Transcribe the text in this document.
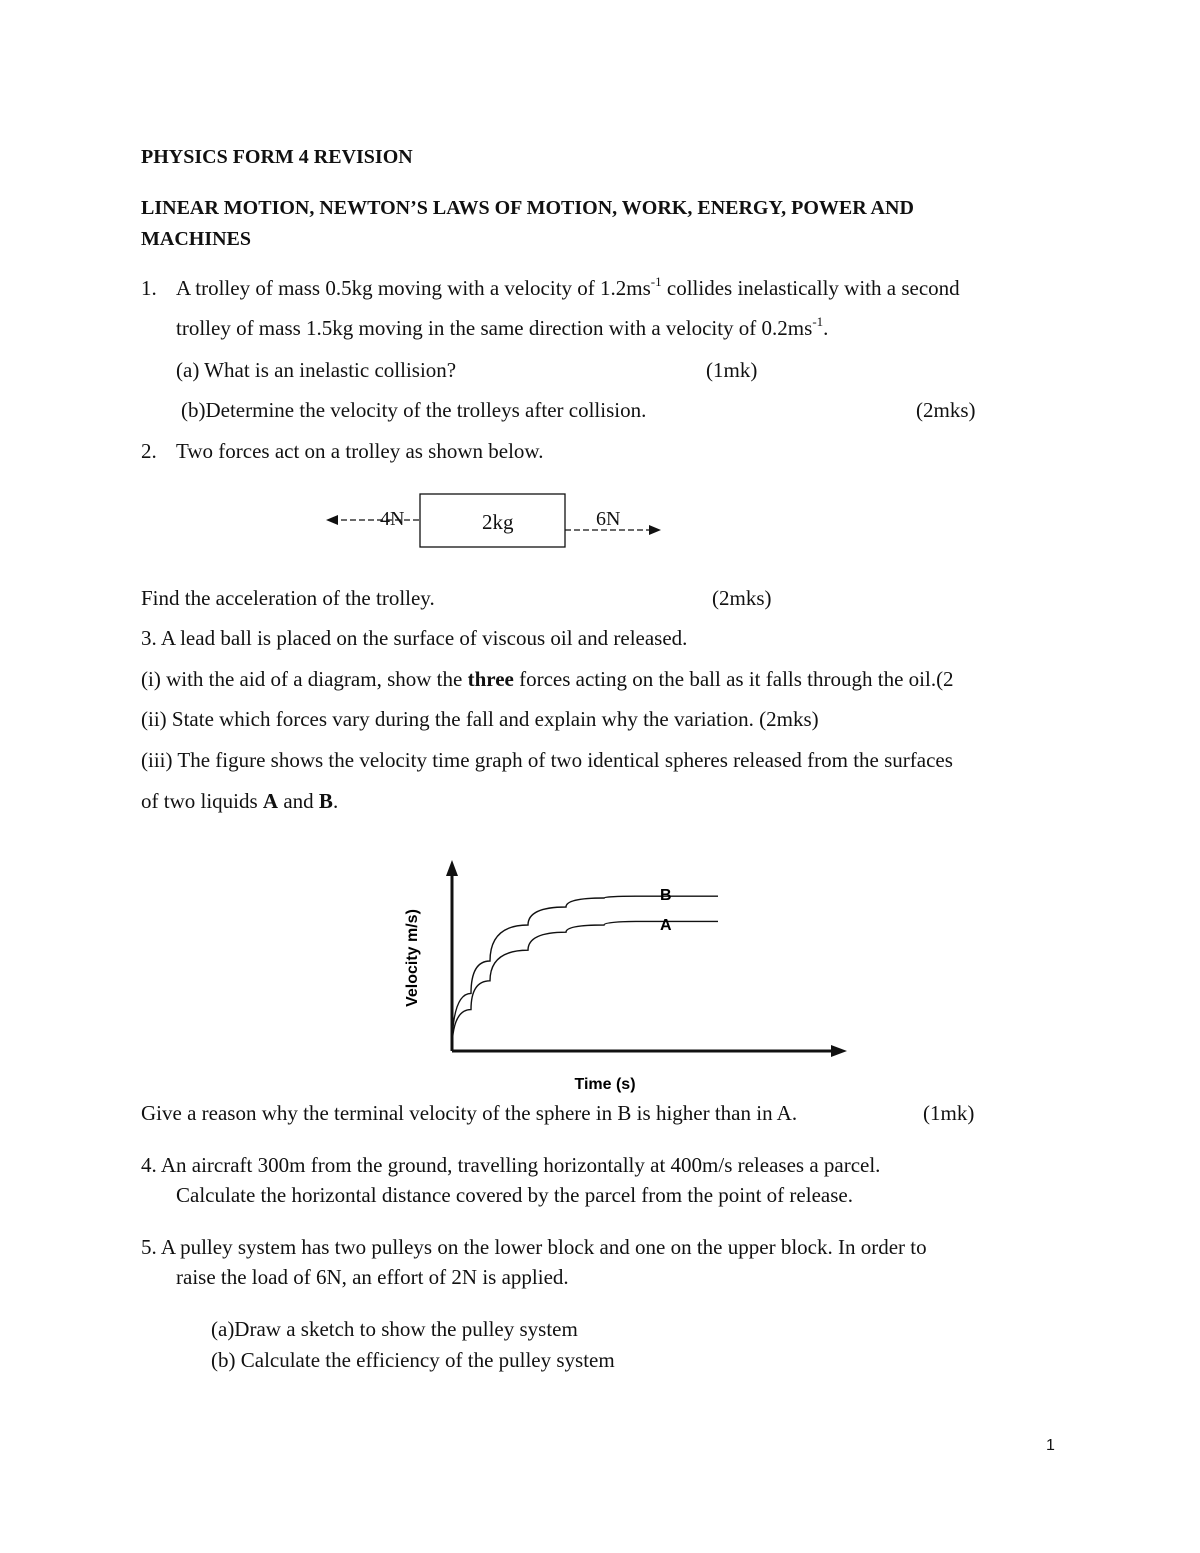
PHYSICS FORM 4 REVISION
LINEAR MOTION, NEWTON’S LAWS OF MOTION, WORK, ENERGY, POWER AND
MACHINES
1. A trolley of mass 0.5kg moving with a velocity of $1.2ms^{-1}$ collides inelastically with a second
trolley of mass 1.5kg moving in the same direction with a velocity of $0.2ms^{-1}$.
(a) What is an inelastic collision?	(1mk)
(b)Determine the velocity of the trolleys after collision.	(2mks)
2. Two forces act on a trolley as shown below.
4N	2kg	6N
Find the acceleration of the trolley.	(2mks)
3. A lead ball is placed on the surface of viscous oil and released.
(i) with the aid of a diagram, show the three forces acting on the ball as it falls through the oil.(2
(ii) State which forces vary during the fall and explain why the variation. (2mks)
(iii) The figure shows the velocity time graph of two identical spheres released from the surfaces
of two liquids A and B.
B
A
Time (s)
Velocity m/s)
Give a reason why the terminal velocity of the sphere in B is higher than in A.	(1mk)
4. An aircraft 300m from the ground, travelling horizontally at 400m/s releases a parcel.
Calculate the horizontal distance covered by the parcel from the point of release.
5. A pulley system has two pulleys on the lower block and one on the upper block. In order to
raise the load of 6N, an effort of 2N is applied.
(a)Draw a sketch to show the pulley system
(b) Calculate the efficiency of the pulley system
1
